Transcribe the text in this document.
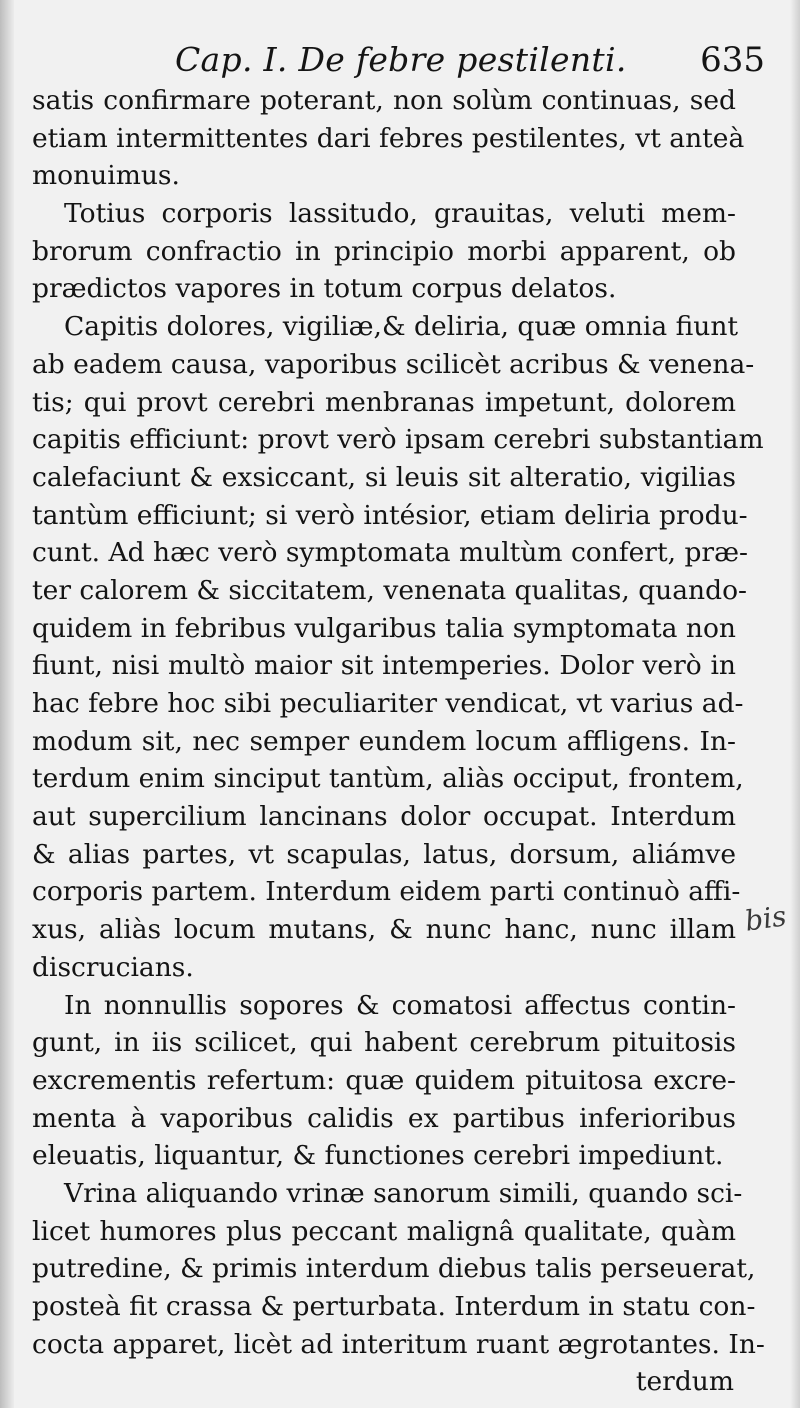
Cap. I. De febre pestilenti. 635
satis confirmare poterant, non solùm continuas, sed
etiam intermittentes dari febres pestilentes, vt anteà
monuimus.
Totius corporis lassitudo, grauitas, veluti mem-
brorum confractio in principio morbi apparent, ob
prædictos vapores in totum corpus delatos.
Capitis dolores, vigiliæ,& deliria, quæ omnia fiunt
ab eadem causa, vaporibus scilicèt acribus & venena-
tis; qui provt cerebri menbranas impetunt, dolorem
capitis efficiunt: provt verò ipsam cerebri substantiam
calefaciunt & exsiccant, si leuis sit alteratio, vigilias
tantùm efficiunt; si verò intésior, etiam deliria produ-
cunt. Ad hæc verò symptomata multùm confert, præ-
ter calorem & siccitatem, venenata qualitas, quando-
quidem in febribus vulgaribus talia symptomata non
fiunt, nisi multò maior sit intemperies. Dolor verò in
hac febre hoc sibi peculiariter vendicat, vt varius ad-
modum sit, nec semper eundem locum affligens. In-
terdum enim sinciput tantùm, aliàs occiput, frontem,
aut supercilium lancinans dolor occupat. Interdum
& alias partes, vt scapulas, latus, dorsum, aliámve
corporis partem. Interdum eidem parti continuò affi-
xus, aliàs locum mutans, & nunc hanc, nunc illam
discrucians.
In nonnullis sopores & comatosi affectus contin-
gunt, in iis scilicet, qui habent cerebrum pituitosis
excrementis refertum: quæ quidem pituitosa excre-
menta à vaporibus calidis ex partibus inferioribus
eleuatis, liquantur, & functiones cerebri impediunt.
Vrina aliquando vrinæ sanorum simili, quando sci-
licet humores plus peccant malignâ qualitate, quàm
putredine, & primis interdum diebus talis perseuerat,
posteà fit crassa & perturbata. Interdum in statu con-
cocta apparet, licèt ad interitum ruant ægrotantes. In-
terdum
bis
